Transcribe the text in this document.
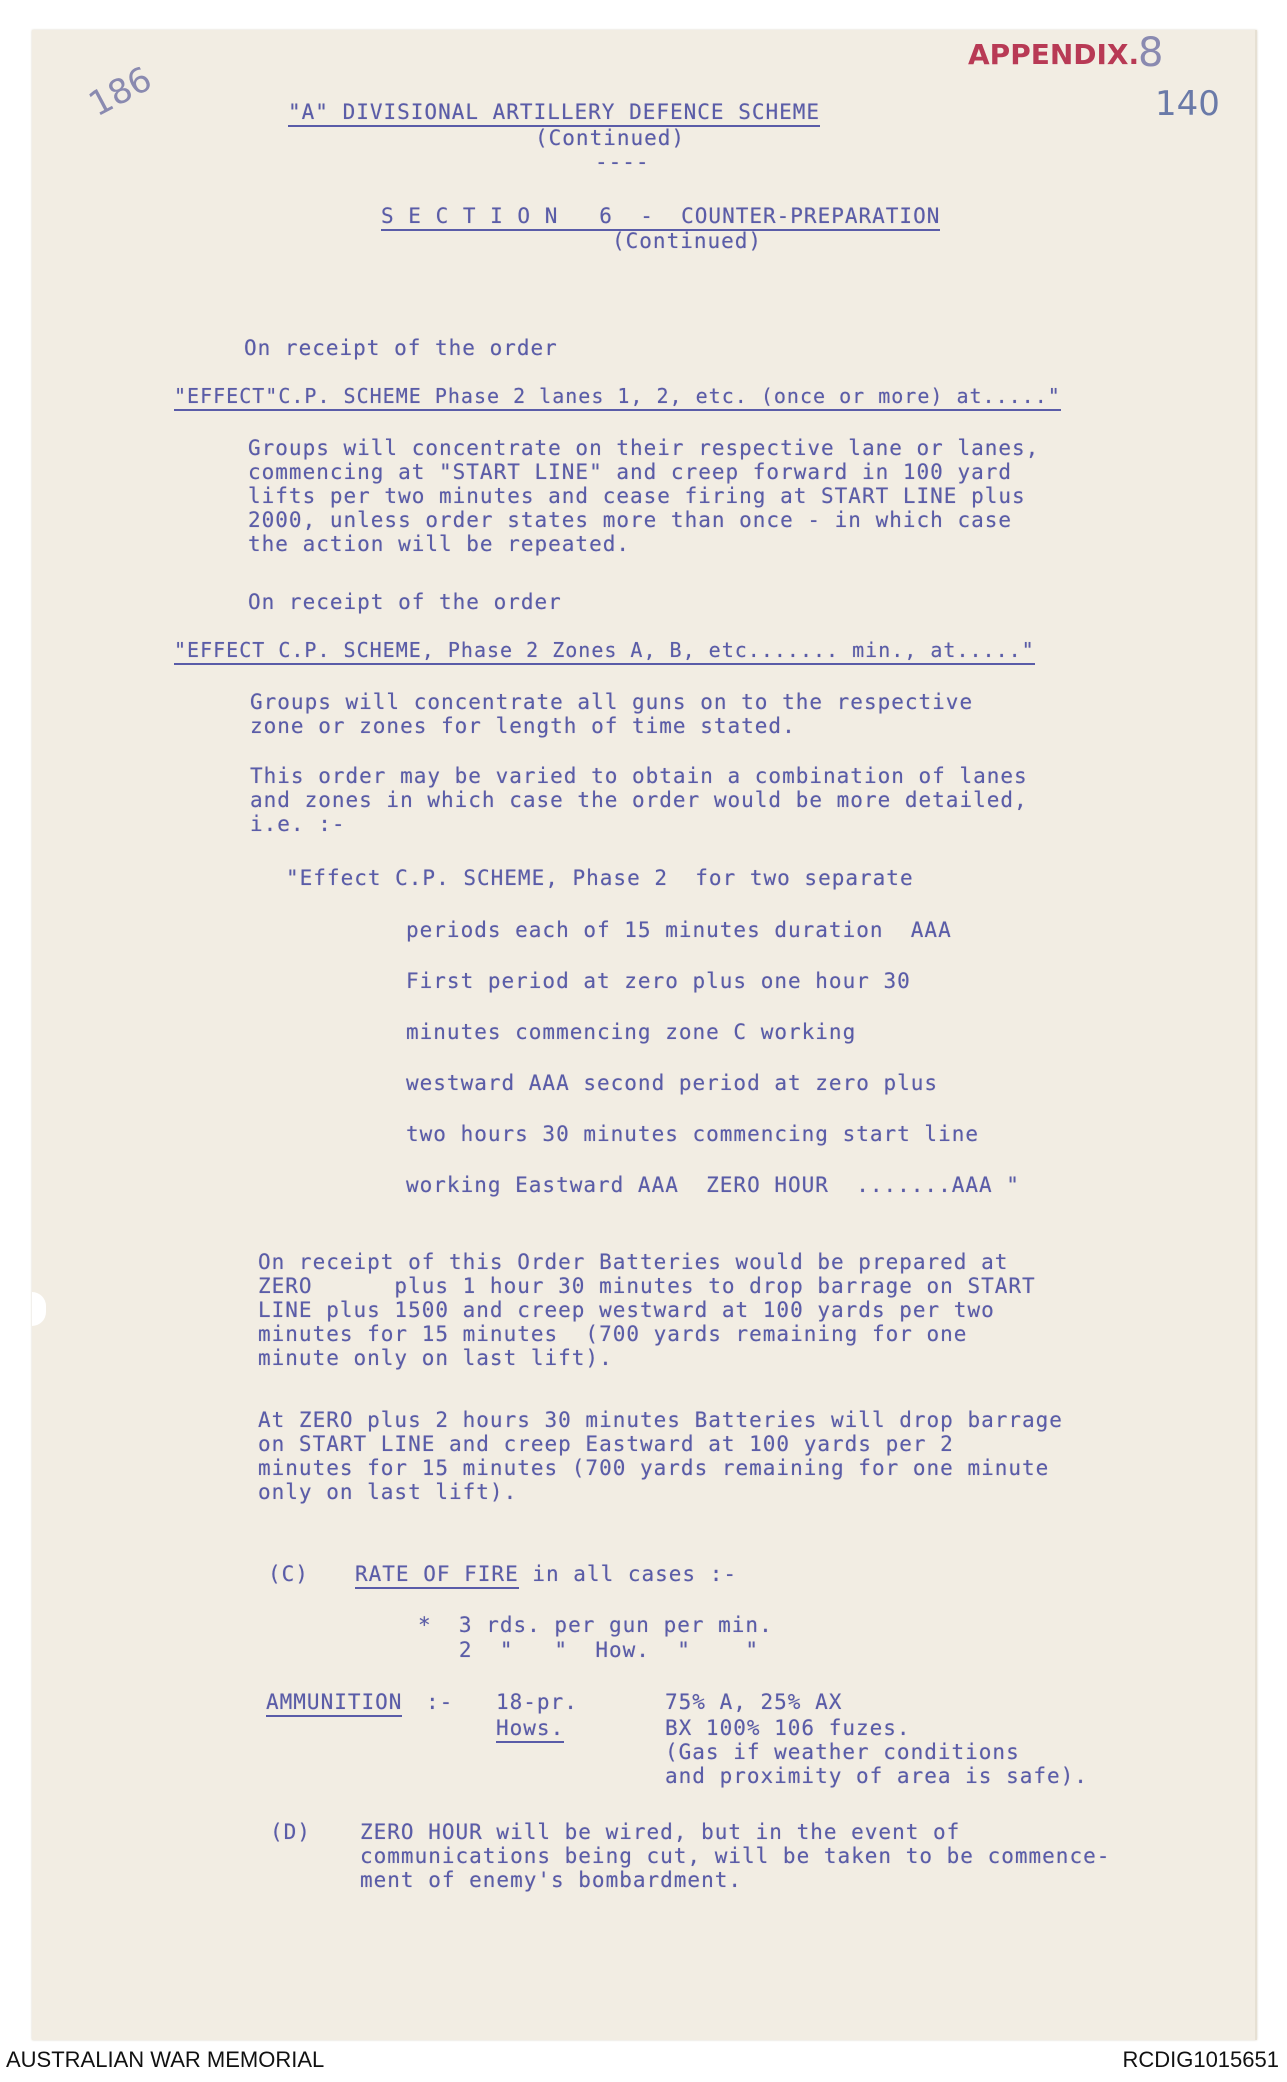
186
APPENDIX.
8
140
"A" DIVISIONAL ARTILLERY DEFENCE SCHEME
(Continued)
----
S E C T I O N   6  -  COUNTER-PREPARATION
(Continued)
On receipt of the order
"EFFECT"C.P. SCHEME Phase 2 lanes 1, 2, etc. (once or more) at....."
Groups will concentrate on their respective lane or lanes,
commencing at "START LINE" and creep forward in 100 yard
lifts per two minutes and cease firing at START LINE plus
2000, unless order states more than once - in which case
the action will be repeated.
On receipt of the order
"EFFECT C.P. SCHEME, Phase 2 Zones A, B, etc....... min., at....."
Groups will concentrate all guns on to the respective
zone or zones for length of time stated.
This order may be varied to obtain a combination of lanes
and zones in which case the order would be more detailed,
i.e. :-
"Effect C.P. SCHEME, Phase 2  for two separate
periods each of 15 minutes duration  AAA
First period at zero plus one hour 30
minutes commencing zone C working
westward AAA second period at zero plus
two hours 30 minutes commencing start line
working Eastward AAA  ZERO HOUR  .......AAA "
On receipt of this Order Batteries would be prepared at
ZERO      plus 1 hour 30 minutes to drop barrage on START
LINE plus 1500 and creep westward at 100 yards per two
minutes for 15 minutes  (700 yards remaining for one
minute only on last lift).
At ZERO plus 2 hours 30 minutes Batteries will drop barrage
on START LINE and creep Eastward at 100 yards per 2
minutes for 15 minutes (700 yards remaining for one minute
only on last lift).
(C) RATE OF FIRE in all cases :-
*  3 rds. per gun per min.
2  "   "  How.  "    "
AMMUNITION :- 18-pr.
Hows.
75% A, 25% AX
BX 100% 106 fuzes.
(Gas if weather conditions
and proximity of area is safe).
(D) ZERO HOUR will be wired, but in the event of
communications being cut, will be taken to be commence-
ment of enemy's bombardment.
AUSTRALIAN WAR MEMORIAL	RCDIG1015651
